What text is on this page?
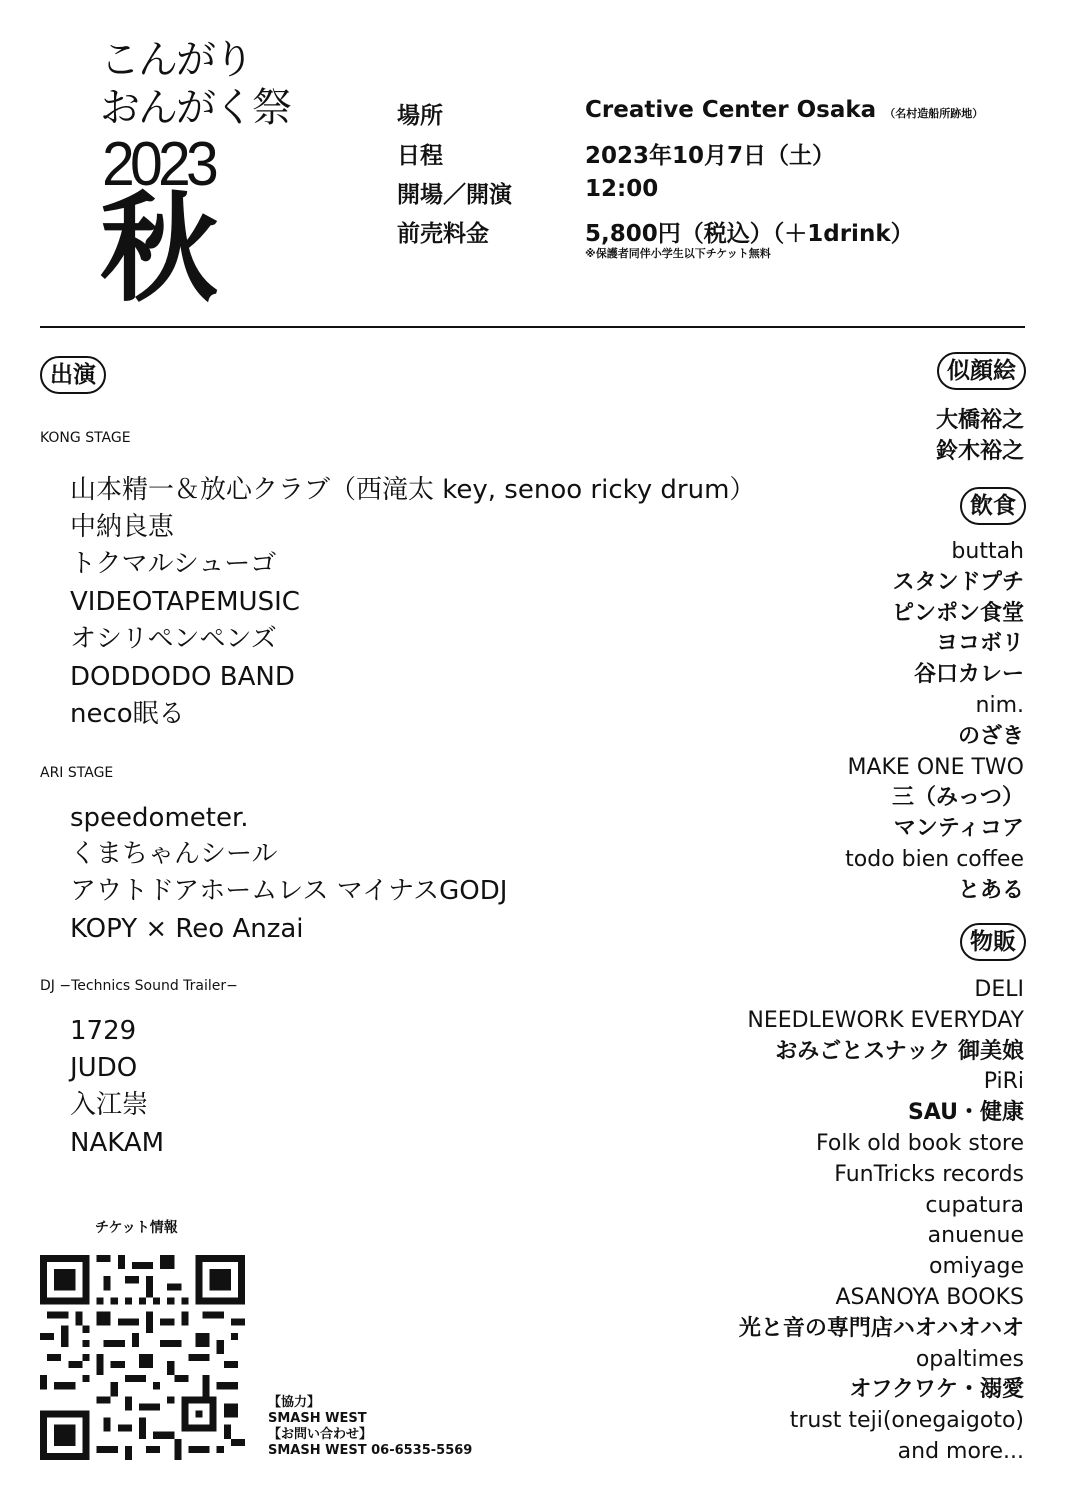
こんがり
おんがく祭
2023
秋
場所	Creative Center Osaka （名村造船所跡地）
日程	2023年10月7日（土）
開場／開演	12:00
前売料金	5,800円（税込）（＋1drink）
※保護者同伴小学生以下チケット無料
出演
KONG STAGE
山本精一＆放心クラブ（西滝太 key, senoo ricky drum）
中納良恵
トクマルシューゴ
VIDEOTAPEMUSIC
オシリペンペンズ
DODDODO BAND
neco眠る
ARI STAGE
speedometer.
くまちゃんシール
アウトドアホームレス マイナスGODJ
KOPY × Reo Anzai
DJ −Technics Sound Trailer−
1729
JUDO
入江崇
NAKAM
似顔絵
大橋裕之
鈴木裕之
飲食
buttah
スタンドプチ
ピンポン食堂
ヨコボリ
谷口カレー
nim.
のざき
MAKE ONE TWO
三（みっつ）
マンティコア
todo bien coffee
とある
物販
DELI
NEEDLEWORK EVERYDAY
おみごとスナック 御美娘
PiRi
SAU・健康
Folk old book store
FunTricks records
cupatura
anuenue
omiyage
ASANOYA BOOKS
光と音の専門店ハオハオハオ
opaltimes
オフクワケ・溺愛
trust teji(onegaigoto)
and more...
チケット情報
【協力】
SMASH WEST
【お問い合わせ】
SMASH WEST 06-6535-5569
